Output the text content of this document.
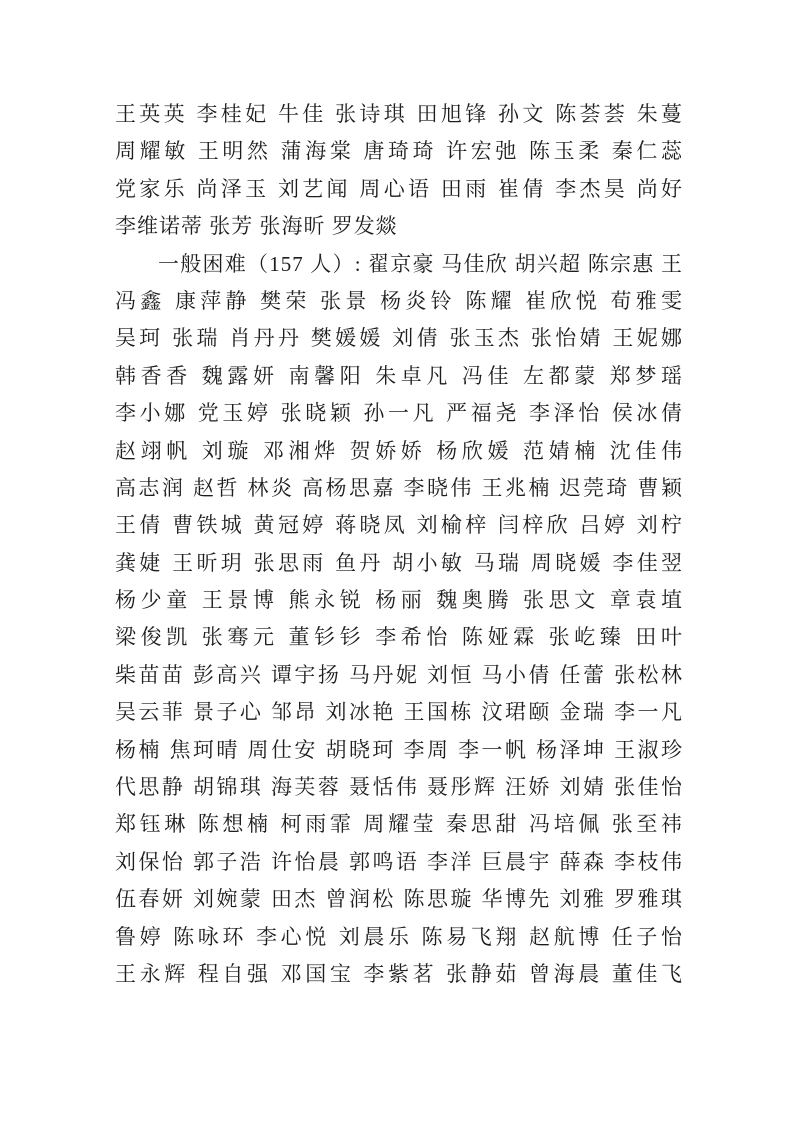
王英英 李桂妃 牛佳 张诗琪 田旭锋 孙文 陈荟荟 朱蔓
周耀敏 王明然 蒲海棠 唐琦琦 许宏弛 陈玉柔 秦仁蕊
党家乐 尚泽玉 刘艺闻 周心语 田雨 崔倩 李杰昊 尚好
李维诺蒂 张芳 张海昕 罗发燚
一般困难（157 人）: 翟京豪 马佳欣 胡兴超 陈宗惠 王
冯鑫 康萍静 樊荣 张景 杨炎铃 陈耀 崔欣悦 荀雅雯
吴珂 张瑞 肖丹丹 樊媛媛 刘倩 张玉杰 张怡婧 王妮娜
韩香香 魏露妍 南馨阳 朱卓凡 冯佳 左都蒙 郑梦瑶
李小娜 党玉婷 张晓颖 孙一凡 严福尧 李泽怡 侯冰倩
赵翊帆 刘璇 邓湘烨 贺娇娇 杨欣媛 范婧楠 沈佳伟
高志润 赵哲 林炎 高杨思嘉 李晓伟 王兆楠 迟莞琦 曹颖
王倩 曹铁城 黄冠婷 蒋晓凤 刘榆梓 闫梓欣 吕婷 刘柠
龚婕 王昕玥 张思雨 鱼丹 胡小敏 马瑞 周晓媛 李佳翌
杨少童 王景博 熊永锐 杨丽 魏奥腾 张思文 章袁埴
梁俊凯 张骞元 董钐钐 李希怡 陈娅霖 张屹臻 田叶
柴苗苗 彭高兴 谭宇扬 马丹妮 刘恒 马小倩 任蕾 张松林
吴云菲 景子心 邹昂 刘冰艳 王国栋 汶珺颐 金瑞 李一凡
杨楠 焦珂晴 周仕安 胡晓珂 李周 李一帆 杨泽坤 王淑珍
代思静 胡锦琪 海芙蓉 聂恬伟 聂彤辉 汪娇 刘婧 张佳怡
郑钰琳 陈想楠 柯雨霏 周耀莹 秦思甜 冯培佩 张至祎
刘保怡 郭子浩 许怡晨 郭鸣语 李洋 巨晨宇 薛森 李枝伟
伍春妍 刘婉蒙 田杰 曾润松 陈思璇 华博先 刘雅 罗雅琪
鲁婷 陈咏环 李心悦 刘晨乐 陈易飞翔 赵航博 任子怡
王永辉 程自强 邓国宝 李紫茗 张静茹 曾海晨 董佳飞
